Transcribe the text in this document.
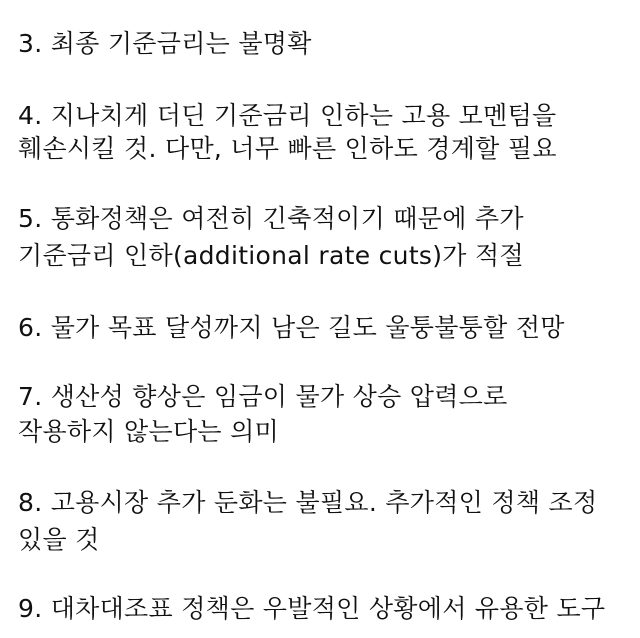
3. 최종 기준금리는 불명확
4. 지나치게 더딘 기준금리 인하는 고용 모멘텀을
훼손시킬 것. 다만, 너무 빠른 인하도 경계할 필요
5. 통화정책은 여전히 긴축적이기 때문에 추가
기준금리 인하(additional rate cuts)가 적절
6. 물가 목표 달성까지 남은 길도 울퉁불퉁할 전망
7. 생산성 향상은 임금이 물가 상승 압력으로
작용하지 않는다는 의미
8. 고용시장 추가 둔화는 불필요. 추가적인 정책 조정
있을 것
9. 대차대조표 정책은 우발적인 상황에서 유용한 도구
